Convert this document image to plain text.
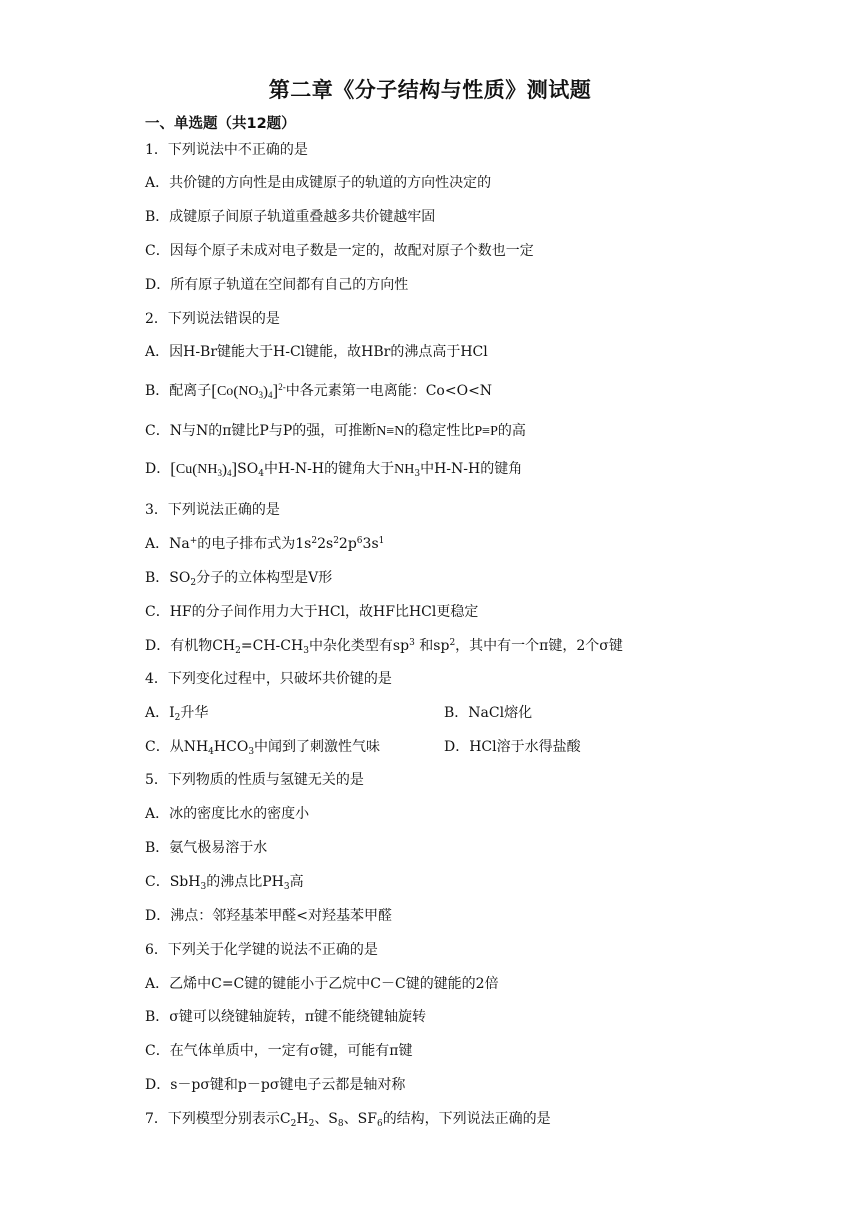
第二章《分子结构与性质》测试题
一、单选题（共12题）
1．下列说法中不正确的是
A．共价键的方向性是由成键原子的轨道的方向性决定的
B．成键原子间原子轨道重叠越多共价键越牢固
C．因每个原子未成对电子数是一定的，故配对原子个数也一定
D．所有原子轨道在空间都有自己的方向性
2．下列说法错误的是
A．因H-Br键能大于H-Cl键能，故HBr的沸点高于HCl
B．配离子$[Co(NO_3)_4]^{2-}$中各元素第一电离能：Co<O<N
C．N与N的π键比P与P的强，可推断N≡N的稳定性比P≡P的高
D．$[Cu(NH_3)_4]SO_4$中H-N-H的键角大于$NH_3$中H-N-H的键角
3．下列说法正确的是
A．Na+的电子排布式为$1s^22s^22p^63s^1$
B．$SO_2$分子的立体构型是V形
C．HF的分子间作用力大于HCl，故HF比HCl更稳定
D．有机物$CH_2=CH-CH_3$中杂化类型有$sp^3$ 和$sp^2$，其中有一个π键，2个σ键
4．下列变化过程中，只破坏共价键的是
A．$I_2$升华	B．NaCl熔化
C．从$NH_4HCO_3$中闻到了刺激性气味	D．HCl溶于水得盐酸
5．下列物质的性质与氢键无关的是
A．冰的密度比水的密度小
B．氨气极易溶于水
C．SbH$_3$的沸点比$PH_3$高
D．沸点：邻羟基苯甲醛<对羟基苯甲醛
6．下列关于化学键的说法不正确的是
A．乙烯中C=C键的键能小于乙烷中C－C键的键能的2倍
B．σ键可以绕键轴旋转，π键不能绕键轴旋转
C．在气体单质中，一定有σ键，可能有π键
D．s－pσ键和p－pσ键电子云都是轴对称
7．下列模型分别表示$C_2H_2$、$S_8$、$SF_6$的结构，下列说法正确的是
